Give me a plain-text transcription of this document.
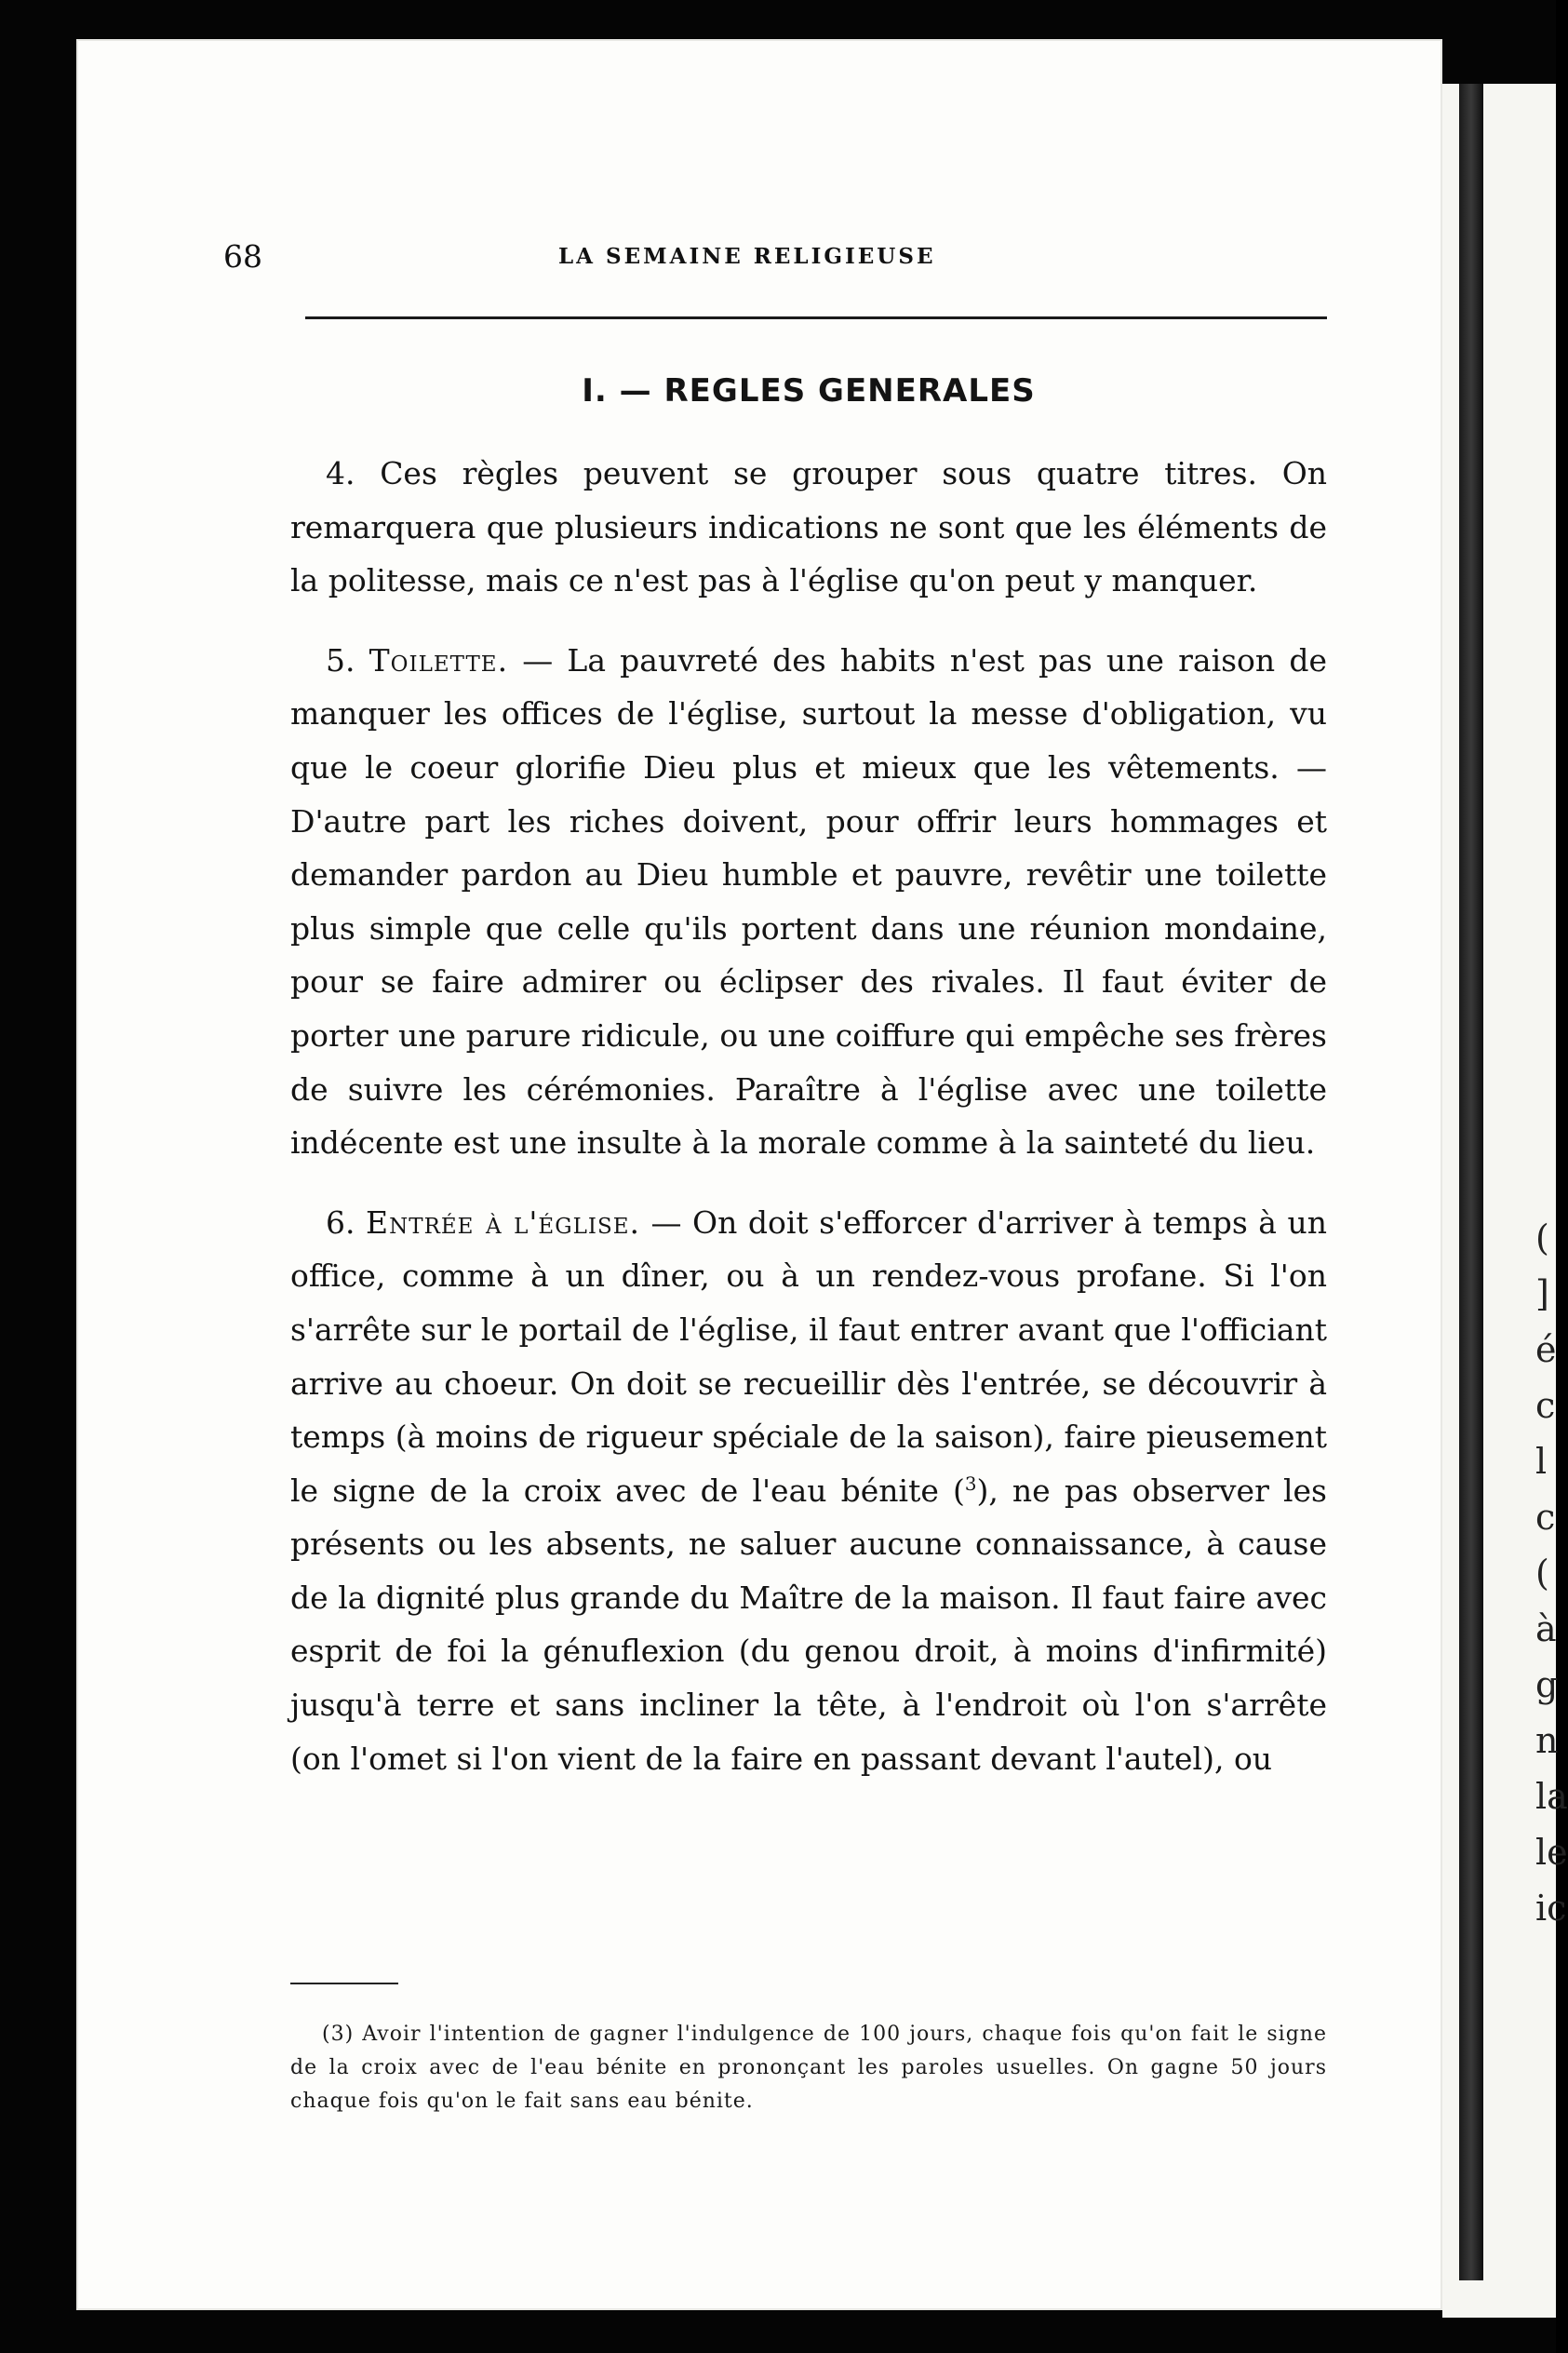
(
]
é
c
l
c
(
à
g
n
la
le
ic
68	LA SEMAINE RELIGIEUSE
I. — REGLES GENERALES

4. Ces règles peuvent se grouper sous quatre titres. On remarquera que plusieurs indications ne sont que les éléments de la politesse, mais ce n'est pas à l'église qu'on peut y manquer.

5. Toilette. — La pauvreté des habits n'est pas une raison de manquer les offices de l'église, surtout la messe d'obligation, vu que le coeur glorifie Dieu plus et mieux que les vêtements. — D'autre part les riches doivent, pour offrir leurs hommages et demander pardon au Dieu humble et pauvre, revêtir une toilette plus simple que celle qu'ils portent dans une réunion mondaine, pour se faire admirer ou éclipser des rivales. Il faut éviter de porter une parure ridicule, ou une coiffure qui empêche ses frères de suivre les cérémonies. Paraître à l'église avec une toilette indécente est une insulte à la morale comme à la sainteté du lieu.

6. Entrée à l'église. — On doit s'efforcer d'arriver à temps à un office, comme à un dîner, ou à un rendez-vous profane. Si l'on s'arrête sur le portail de l'église, il faut entrer avant que l'officiant arrive au choeur. On doit se recueillir dès l'entrée, se découvrir à temps (à moins de rigueur spéciale de la saison), faire pieusement le signe de la croix avec de l'eau bénite ($^3$), ne pas observer les présents ou les absents, ne saluer aucune connaissance, à cause de la dignité plus grande du Maître de la maison. Il faut faire avec esprit de foi la génuflexion (du genou droit, à moins d'infirmité) jusqu'à terre et sans incliner la tête, à l'endroit où l'on s'arrête (on l'omet si l'on vient de la faire en passant devant l'autel), ou

(3) Avoir l'intention de gagner l'indulgence de 100 jours, chaque fois qu'on fait le signe de la croix avec de l'eau bénite en prononçant les paroles usuelles. On gagne 50 jours chaque fois qu'on le fait sans eau bénite.
